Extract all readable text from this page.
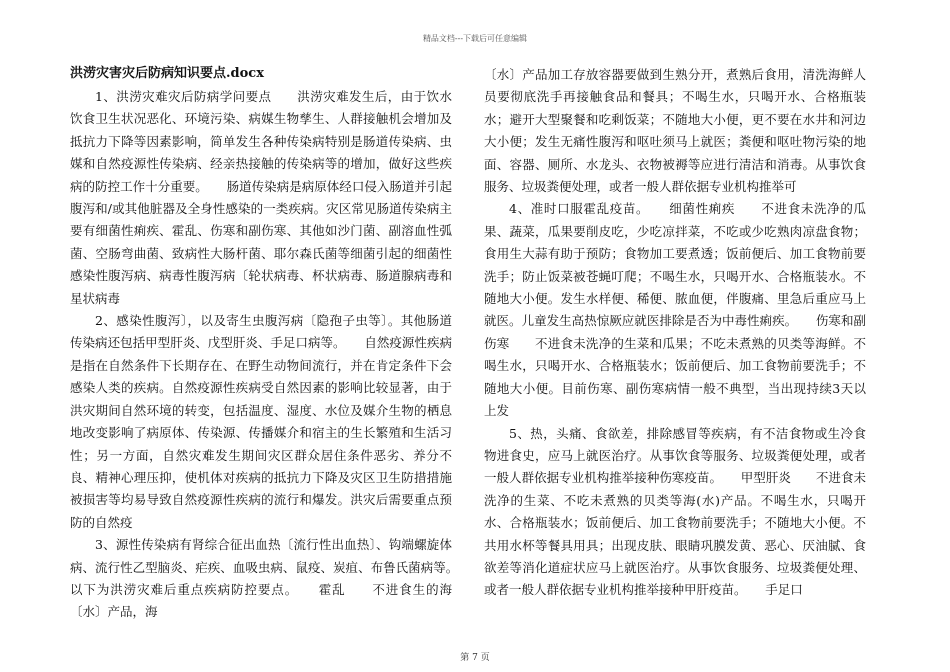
精品文档---下载后可任意编辑

洪涝灾害灾后防病知识要点.docx

1、洪涝灾难灾后防病学问要点　　洪涝灾难发生后，由于饮水饮食卫生状况恶化、环境污染、病媒生物孳生、人群接触机会增加及抵抗力下降等因素影响，简单发生各种传染病特别是肠道传染病、虫媒和自然疫源性传染病、经亲热接触的传染病等的增加，做好这些疾病的防控工作十分重要。　　肠道传染病是病原体经口侵入肠道并引起腹泻和/或其他脏器及全身性感染的一类疾病。灾区常见肠道传染病主要有细菌性痢疾、霍乱、伤寒和副伤寒、其他如沙门菌、副溶血性弧菌、空肠弯曲菌、致病性大肠杆菌、耶尔森氏菌等细菌引起的细菌性感染性腹泻病、病毒性腹泻病〔轮状病毒、杯状病毒、肠道腺病毒和星状病毒

2、感染性腹泻〕，以及寄生虫腹泻病〔隐孢子虫等〕。其他肠道传染病还包括甲型肝炎、戊型肝炎、手足口病等。　　自然疫源性疾病是指在自然条件下长期存在、在野生动物间流行，并在肯定条件下会感染人类的疾病。自然疫源性疾病受自然因素的影响比较显著，由于洪灾期间自然环境的转变，包括温度、湿度、水位及媒介生物的栖息地改变影响了病原体、传染源、传播媒介和宿主的生长繁殖和生活习性；另一方面，自然灾难发生期间灾区群众居住条件恶劣、养分不良、精神心理压抑，使机体对疾病的抵抗力下降及灾区卫生防措措施被损害等均易导致自然疫源性疾病的流行和爆发。洪灾后需要重点预防的自然疫

3、源性传染病有肾综合征出血热〔流行性出血热〕、钩端螺旋体病、流行性乙型脑炎、疟疾、血吸虫病、鼠疫、炭疽、布鲁氏菌病等。　　以下为洪涝灾难后重点疾病防控要点。　　霍乱　　不进食生的海〔水〕产品，海

〔水〕产品加工存放容器要做到生熟分开，煮熟后食用，清洗海鲜人员要彻底洗手再接触食品和餐具；不喝生水，只喝开水、合格瓶装水；避开大型聚餐和吃剩饭菜；不随地大小便，更不要在水井和河边大小便；发生无痛性腹泻和呕吐须马上就医；粪便和呕吐物污染的地面、容器、厕所、水龙头、衣物被褥等应进行清洁和消毒。从事饮食服务、垃圾粪便处理，或者一般人群依据专业机构推举可

4、准时口服霍乱疫苗。　　细菌性痢疾　　不进食未洗净的瓜果、蔬菜，瓜果要削皮吃，少吃凉拌菜，不吃或少吃熟肉凉盘食物；食用生大蒜有助于预防；食物加工要煮透；饭前便后、加工食物前要洗手；防止饭菜被苍蝇叮爬；不喝生水，只喝开水、合格瓶装水。不随地大小便。发生水样便、稀便、脓血便，伴腹痛、里急后重应马上就医。儿童发生高热惊厥应就医排除是否为中毒性痢疾。　　伤寒和副伤寒　　不进食未洗净的生菜和瓜果；不吃未煮熟的贝类等海鲜。不喝生水，只喝开水、合格瓶装水；饭前便后、加工食物前要洗手；不随地大小便。目前伤寒、副伤寒病情一般不典型，当出现持续3天以上发

5、热，头痛、食欲差，排除感冒等疾病，有不洁食物或生冷食物进食史，应马上就医治疗。从事饮食等服务、垃圾粪便处理，或者一般人群依据专业机构推举接种伤寒疫苗。　　甲型肝炎　　不进食未洗净的生菜、不吃未煮熟的贝类等海(水)产品。不喝生水，只喝开水、合格瓶装水；饭前便后、加工食物前要洗手；不随地大小便。不共用水杯等餐具用具；出现皮肤、眼睛巩膜发黄、恶心、厌油腻、食欲差等消化道症状应马上就医治疗。从事饮食服务、垃圾粪便处理、或者一般人群依据专业机构推举接种甲肝疫苗。　　手足口

第 7 页
